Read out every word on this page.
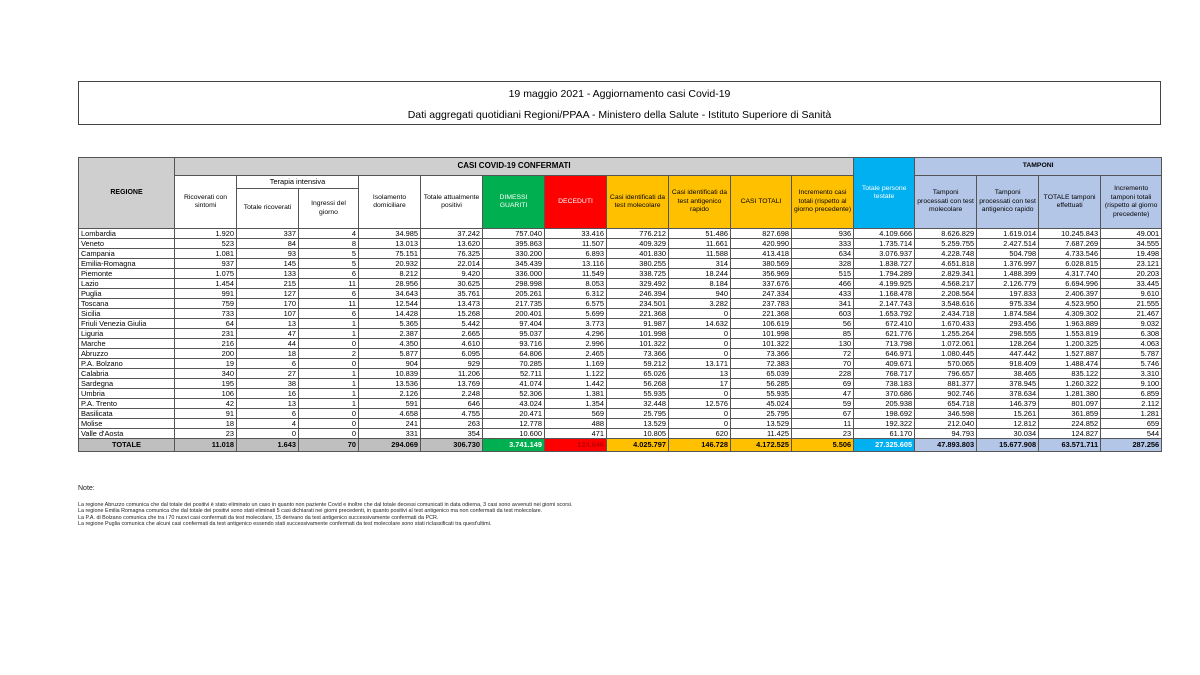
19 maggio 2021 - Aggiornamento casi Covid-19
Dati aggregati quotidiani Regioni/PPAA - Ministero della Salute - Istituto Superiore di Sanità
REGIONE	CASI COVID-19 CONFERMATI											Totale persone testate	TAMPONI			
	Ricoverati con sintomi	Terapia intensiva		Isolamento domiciliare	Totale attualmente positivi	DIMESSI GUARITI	DECEDUTI	Casi identificati da test molecolare	Casi identificati da test antigenico rapido	CASI TOTALI	Incremento casi totali (rispetto al giorno precedente)		Tamponi processati con test molecolare	Tamponi processati con test antigenico rapido	TOTALE tamponi effettuati	Incremento tamponi totali (rispetto al giorno precedente)
		Totale ricoverati	Ingressi del giorno													
Lombardia	1.920	337	4	34.985	37.242	757.040	33.416	776.212	51.486	827.698	936	4.109.666	8.626.829	1.619.014	10.245.843	49.001
Veneto	523	84	8	13.013	13.620	395.863	11.507	409.329	11.661	420.990	333	1.735.714	5.259.755	2.427.514	7.687.269	34.555
Campania	1.081	93	5	75.151	76.325	330.200	6.893	401.830	11.588	413.418	634	3.076.937	4.228.748	504.798	4.733.546	19.498
Emilia-Romagna	937	145	5	20.932	22.014	345.439	13.116	380.255	314	380.569	328	1.838.727	4.651.818	1.376.997	6.028.815	23.121
Piemonte	1.075	133	6	8.212	9.420	336.000	11.549	338.725	18.244	356.969	515	1.794.289	2.829.341	1.488.399	4.317.740	20.203
Lazio	1.454	215	11	28.956	30.625	298.998	8.053	329.492	8.184	337.676	466	4.199.925	4.568.217	2.126.779	6.694.996	33.445
Puglia	991	127	6	34.643	35.761	205.261	6.312	246.394	940	247.334	433	1.168.478	2.208.564	197.833	2.406.397	9.610
Toscana	759	170	11	12.544	13.473	217.735	6.575	234.501	3.282	237.783	341	2.147.743	3.548.616	975.334	4.523.950	21.555
Sicilia	733	107	6	14.428	15.268	200.401	5.699	221.368	0	221.368	603	1.653.792	2.434.718	1.874.584	4.309.302	21.467
Friuli Venezia Giulia	64	13	1	5.365	5.442	97.404	3.773	91.987	14.632	106.619	56	672.410	1.670.433	293.456	1.963.889	9.032
Liguria	231	47	1	2.387	2.665	95.037	4.296	101.998	0	101.998	85	621.776	1.255.264	298.555	1.553.819	6.308
Marche	216	44	0	4.350	4.610	93.716	2.996	101.322	0	101.322	130	713.798	1.072.061	128.264	1.200.325	4.063
Abruzzo	200	18	2	5.877	6.095	64.806	2.465	73.366	0	73.366	72	646.971	1.080.445	447.442	1.527.887	5.787
P.A. Bolzano	19	6	0	904	929	70.285	1.169	59.212	13.171	72.383	70	409.671	570.065	918.409	1.488.474	5.746
Calabria	340	27	1	10.839	11.206	52.711	1.122	65.026	13	65.039	228	768.717	796.657	38.465	835.122	3.310
Sardegna	195	38	1	13.536	13.769	41.074	1.442	56.268	17	56.285	69	738.183	881.377	378.945	1.260.322	9.100
Umbria	106	16	1	2.126	2.248	52.306	1.381	55.935	0	55.935	47	370.686	902.746	378.634	1.281.380	6.859
P.A. Trento	42	13	1	591	646	43.024	1.354	32.448	12.576	45.024	59	205.938	654.718	146.379	801.097	2.112
Basilicata	91	6	0	4.658	4.755	20.471	569	25.795	0	25.795	67	198.692	346.598	15.261	361.859	1.281
Molise	18	4	0	241	263	12.778	488	13.529	0	13.529	11	192.322	212.040	12.812	224.852	659
Valle d'Aosta	23	0	0	331	354	10.600	471	10.805	620	11.425	23	61.170	94.793	30.034	124.827	544
TOTALE	11.018	1.643	70	294.069	306.730	3.741.149	124.646	4.025.797	146.728	4.172.525	5.506	27.325.605	47.893.803	15.677.908	63.571.711	287.256
Note:
La regione Abruzzo comunica che dal totale dei positivi è stato eliminato un caso in quanto non paziente Covid e inoltre che dal totale decessi comunicati in data odierna, 3 casi sono avvenuti nei giorni scorsi.
La regione Emilia Romagna comunica che dal totale dei positivi sono stati eliminati 5 casi dichiarati nei giorni precedenti, in quanto positivi al test antigenico ma non confermati da test molecolare.
La P.A. di Bolzano comunica che tra i 70 nuovi casi confermati da test molecolare, 15 derivano da test antigenico successivamente confermati da PCR.
La regione Puglia comunica che alcuni casi confermati da test antigenico essendo stati successivamente confermati da test molecolare sono stati riclassificati tra quest'ultimi.
